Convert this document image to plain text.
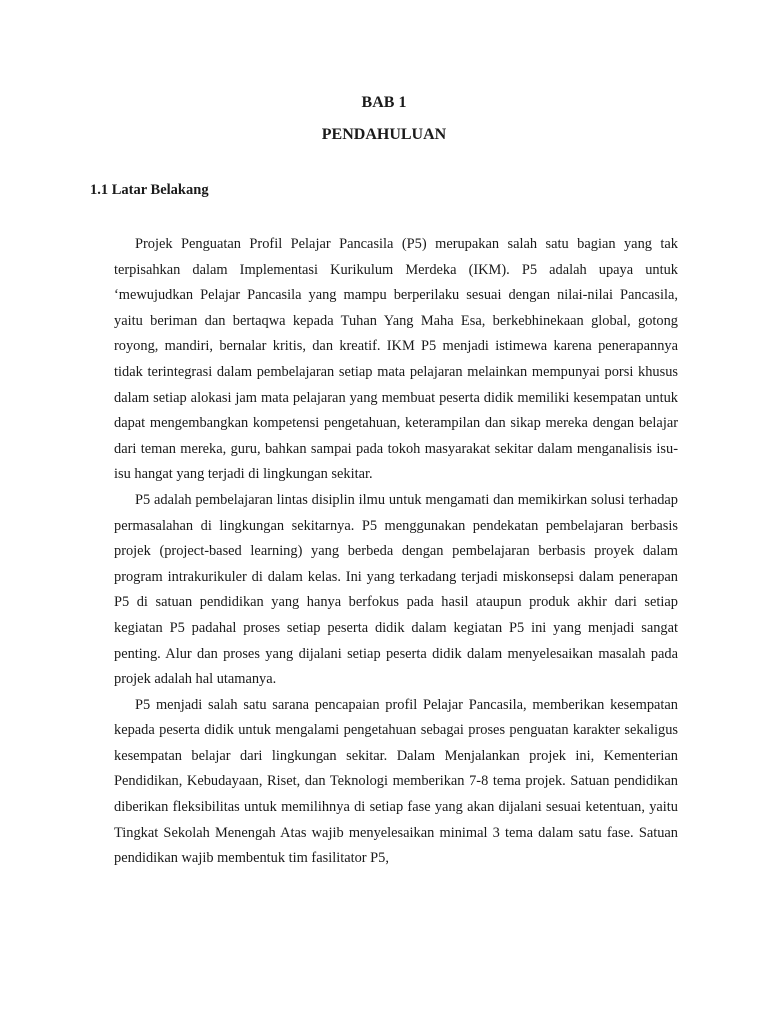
BAB 1
PENDAHULUAN
1.1 Latar Belakang

Projek Penguatan Profil Pelajar Pancasila (P5) merupakan salah satu bagian yang tak terpisahkan dalam Implementasi Kurikulum Merdeka (IKM). P5 adalah upaya untuk ‘mewujudkan Pelajar Pancasila yang mampu berperilaku sesuai dengan nilai-nilai Pancasila, yaitu beriman dan bertaqwa kepada Tuhan Yang Maha Esa, berkebhinekaan global, gotong royong, mandiri, bernalar kritis, dan kreatif. IKM P5 menjadi istimewa karena penerapannya tidak terintegrasi dalam pembelajaran setiap mata pelajaran melainkan mempunyai porsi khusus dalam setiap alokasi jam mata pelajaran yang membuat peserta didik memiliki kesempatan untuk dapat mengembangkan kompetensi pengetahuan, keterampilan dan sikap mereka dengan belajar dari teman mereka, guru, bahkan sampai pada tokoh masyarakat sekitar dalam menganalisis isu-isu hangat yang terjadi di lingkungan sekitar.

P5 adalah pembelajaran lintas disiplin ilmu untuk mengamati dan memikirkan solusi terhadap permasalahan di lingkungan sekitarnya. P5 menggunakan pendekatan pembelajaran berbasis projek (project-based learning) yang berbeda dengan pembelajaran berbasis proyek dalam program intrakurikuler di dalam kelas. Ini yang terkadang terjadi miskonsepsi dalam penerapan P5 di satuan pendidikan yang hanya berfokus pada hasil ataupun produk akhir dari setiap kegiatan P5 padahal proses setiap peserta didik dalam kegiatan P5 ini yang menjadi sangat penting. Alur dan proses yang dijalani setiap peserta didik dalam menyelesaikan masalah pada projek adalah hal utamanya.

P5 menjadi salah satu sarana pencapaian profil Pelajar Pancasila, memberikan kesempatan kepada peserta didik untuk mengalami pengetahuan sebagai proses penguatan karakter sekaligus kesempatan belajar dari lingkungan sekitar. Dalam Menjalankan projek ini, Kementerian Pendidikan, Kebudayaan, Riset, dan Teknologi memberikan 7-8 tema projek. Satuan pendidikan diberikan fleksibilitas untuk memilihnya di setiap fase yang akan dijalani sesuai ketentuan, yaitu Tingkat Sekolah Menengah Atas wajib menyelesaikan minimal 3 tema dalam satu fase. Satuan pendidikan wajib membentuk tim fasilitator P5,
